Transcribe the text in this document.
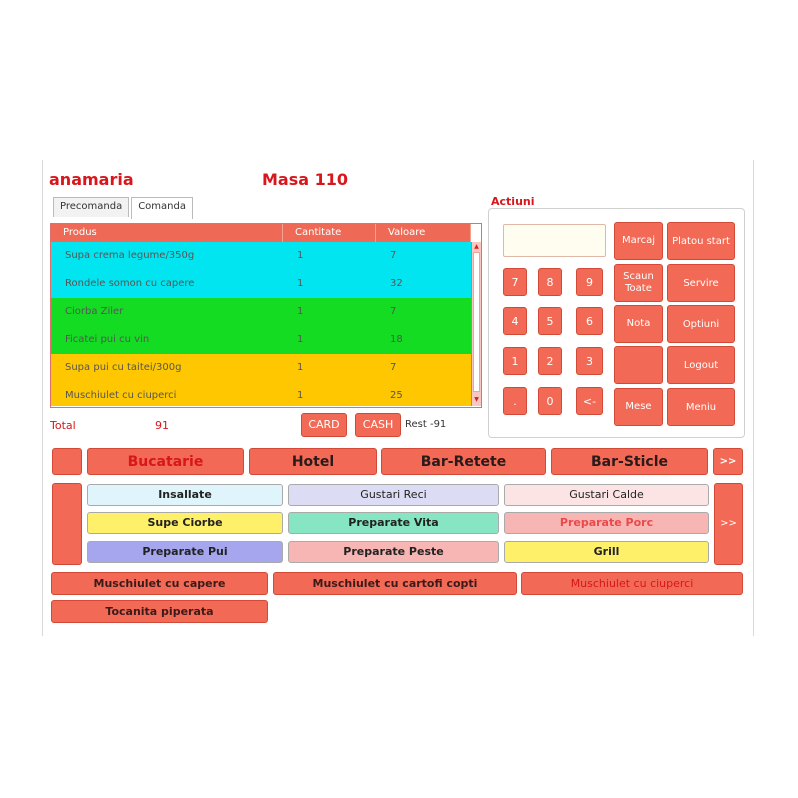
anamaria	Masa 110
Precomanda	Comanda
Produs	Cantitate	Valoare
Supa crema legume/350g	1	7
Rondele somon cu capere	1	32
Ciorba Ziler	1	7
Ficatei pui cu vin	1	18
Supa pui cu taitei/300g	1	7
Muschiulet cu ciuperci	1	25
▲
▼
Total	91	CARD	CASH	Rest -91
Actiuni
7	8	9
4	5	6
1	2	3
.	0	<-
Marcaj	Platou start
Scaun
Toate	Servire
Nota	Optiuni
Logout
Mese	Meniu
Bucatarie	Hotel	Bar-Retete	Bar-Sticle	>>
Insallate	Gustari Reci	Gustari Calde
Supe Ciorbe	Preparate Vita	Preparate Porc
Preparate Pui	Preparate Peste	Grill
>>
Muschiulet cu capere	Muschiulet cu cartofi copti	Muschiulet cu ciuperci
Tocanita piperata
